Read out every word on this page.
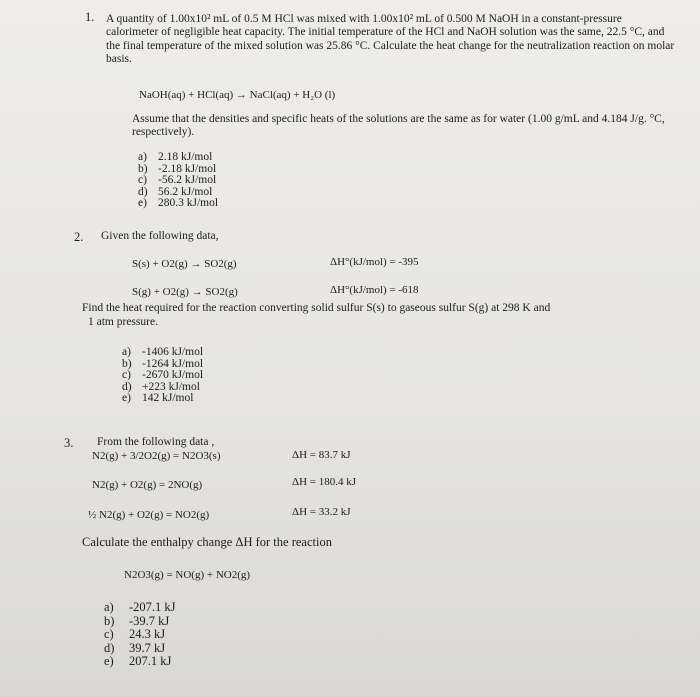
1. A quantity of 1.00x10² mL of 0.5 M HCl was mixed with 1.00x10² mL of 0.500 M NaOH in a constant-pressure
calorimeter of negligible heat capacity. The initial temperature of the HCl and NaOH solution was the same, 22.5 °C, and
the final temperature of the mixed solution was 25.86 °C. Calculate the heat change for the neutralization reaction on molar
basis.
NaOH(aq) + HCl(aq) → NaCl(aq) + H₂O (l)
Assume that the densities and specific heats of the solutions are the same as for water (1.00 g/mL and 4.184 J/g. °C,
respectively).
a) 2.18 kJ/mol
b) -2.18 kJ/mol
c) -56.2 kJ/mol
d) 56.2 kJ/mol
e) 280.3 kJ/mol
2. Given the following data,
S(s) + O2(g) → SO2(g)	ΔH°(kJ/mol) = -395
S(g) + O2(g) → SO2(g)	ΔH°(kJ/mol) = -618
Find the heat required for the reaction converting solid sulfur S(s) to gaseous sulfur S(g) at 298 K and
1 atm pressure.
a) -1406 kJ/mol
b) -1264 kJ/mol
c) -2670 kJ/mol
d) +223 kJ/mol
e) 142 kJ/mol
3. From the following data ,
N2(g) + 3/2O2(g) = N2O3(s)	ΔH = 83.7 kJ
N2(g) + O2(g) = 2NO(g)	ΔH = 180.4 kJ
½ N2(g) + O2(g) = NO2(g)	ΔH = 33.2 kJ
Calculate the enthalpy change ΔH for the reaction
N2O3(g) = NO(g) + NO2(g)
a)	-207.1 kJ
b)	-39.7 kJ
c)	24.3 kJ
d)	39.7 kJ
e)	207.1 kJ
